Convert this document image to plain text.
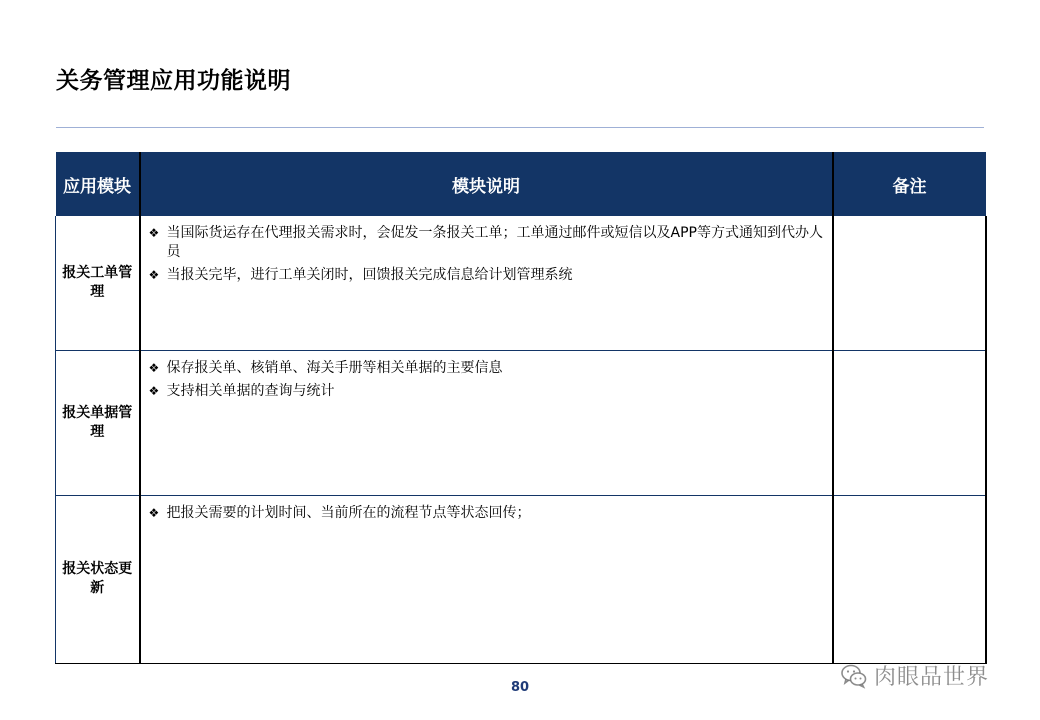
关务管理应用功能说明
应用模块	模块说明	备注
报关工单管理	❖ 当国际货运存在代理报关需求时，会促发一条报关工单；工单通过邮件或短信以及APP等方式通知到代办人员
❖ 当报关完毕，进行工单关闭时，回馈报关完成信息给计划管理系统	

报关单据管理	❖ 保存报关单、核销单、海关手册等相关单据的主要信息
❖ 支持相关单据的查询与统计	

报关状态更新	❖ 把报关需要的计划时间、当前所在的流程节点等状态回传；	

80	肉眼品世界
